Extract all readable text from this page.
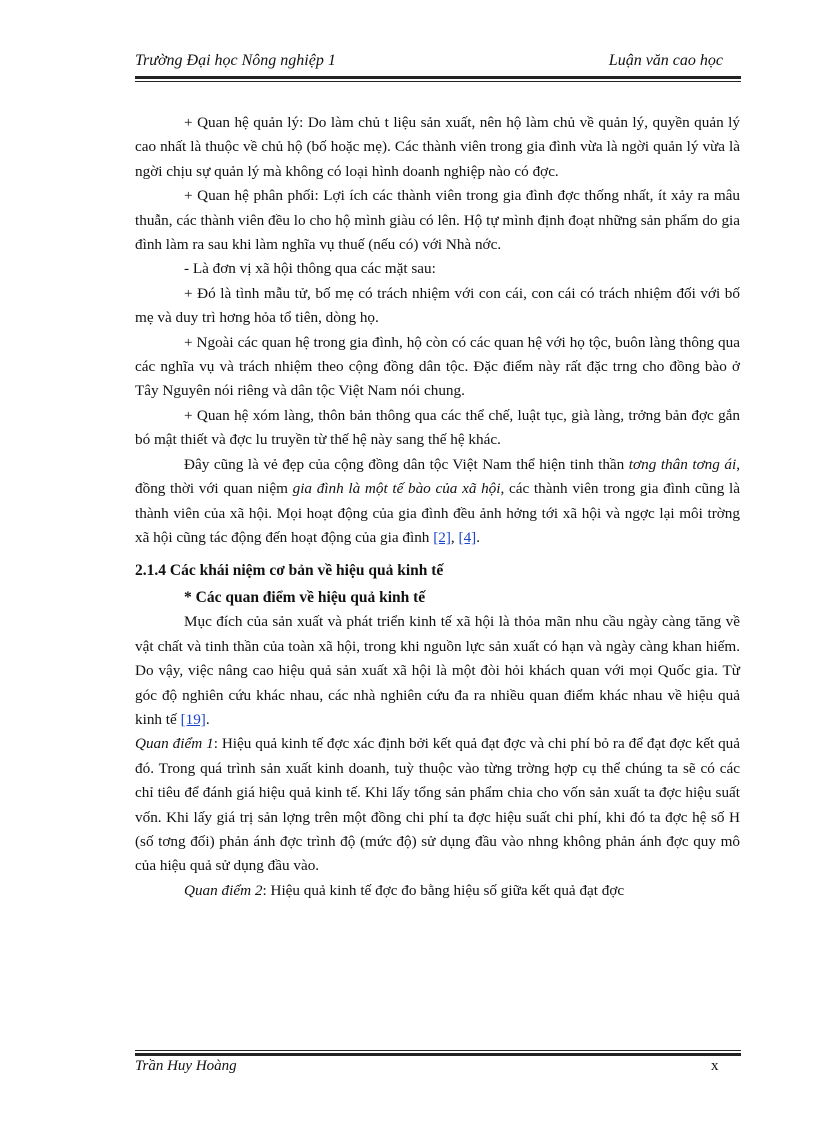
Trường Đại học Nông nghiệp 1	Luận văn cao học

+ Quan hệ quản lý: Do làm chủ t liệu sản xuất, nên hộ làm chủ về quản lý, quyền quản lý cao nhất là thuộc về chủ hộ (bố hoặc mẹ). Các thành viên trong gia đình vừa là ngời quản lý vừa là ngời chịu sự quản lý mà không có loại hình doanh nghiệp nào có đợc.

+ Quan hệ phân phối: Lợi ích các thành viên trong gia đình đợc thống nhất, ít xảy ra mâu thuẫn, các thành viên đều lo cho hộ mình giàu có lên. Hộ tự mình định đoạt những sản phẩm do gia đình làm ra sau khi làm nghĩa vụ thuế (nếu có) với Nhà nớc.

- Là đơn vị xã hội thông qua các mặt sau:

+ Đó là tình mẫu tử, bố mẹ có trách nhiệm với con cái, con cái có trách nhiệm đối với bố mẹ và duy trì hơng hỏa tổ tiên, dòng họ.

+ Ngoài các quan hệ trong gia đình, hộ còn có các quan hệ với họ tộc, buôn làng thông qua các nghĩa vụ và trách nhiệm theo cộng đồng dân tộc. Đặc điểm này rất đặc trng cho đồng bào ở Tây Nguyên nói riêng và dân tộc Việt Nam nói chung.

+ Quan hệ xóm làng, thôn bản thông qua các thể chế, luật tục, già làng, trởng bản đợc gắn bó mật thiết và đợc lu truyền từ thế hệ này sang thế hệ khác.

Đây cũng là vẻ đẹp của cộng đồng dân tộc Việt Nam thể hiện tinh thần tơng thân tơng ái, đồng thời với quan niệm gia đình là một tế bào của xã hội, các thành viên trong gia đình cũng là thành viên của xã hội. Mọi hoạt động của gia đình đều ảnh hởng tới xã hội và ngợc lại môi trờng xã hội cũng tác động đến hoạt động của gia đình [2], [4].

2.1.4 Các khái niệm cơ bản về hiệu quả kinh tế
* Các quan điểm về hiệu quả kinh tế

Mục đích của sản xuất và phát triển kinh tế xã hội là thỏa mãn nhu cầu ngày càng tăng về vật chất và tinh thần của toàn xã hội, trong khi nguồn lực sản xuất có hạn và ngày càng khan hiếm. Do vậy, việc nâng cao hiệu quả sản xuất xã hội là một đòi hỏi khách quan với mọi Quốc gia. Từ góc độ nghiên cứu khác nhau, các nhà nghiên cứu đa ra nhiều quan điểm khác nhau về hiệu quả kinh tế [19].

Quan điểm 1: Hiệu quả kinh tế đợc xác định bởi kết quả đạt đợc và chi phí bỏ ra để đạt đợc kết quả đó. Trong quá trình sản xuất kinh doanh, tuỳ thuộc vào từng trờng hợp cụ thể chúng ta sẽ có các chỉ tiêu để đánh giá hiệu quả kinh tế. Khi lấy tổng sản phẩm chia cho vốn sản xuất ta đợc hiệu suất vốn. Khi lấy giá trị sản lợng trên một đồng chi phí ta đợc hiệu suất chi phí, khi đó ta đợc hệ số H (số tơng đối) phản ánh đợc trình độ (mức độ) sử dụng đầu vào nhng không phản ánh đợc quy mô của hiệu quả sử dụng đầu vào.

Quan điểm 2: Hiệu quả kinh tế đợc đo bằng hiệu số giữa kết quả đạt đợc

Trần Huy Hoàng	x
